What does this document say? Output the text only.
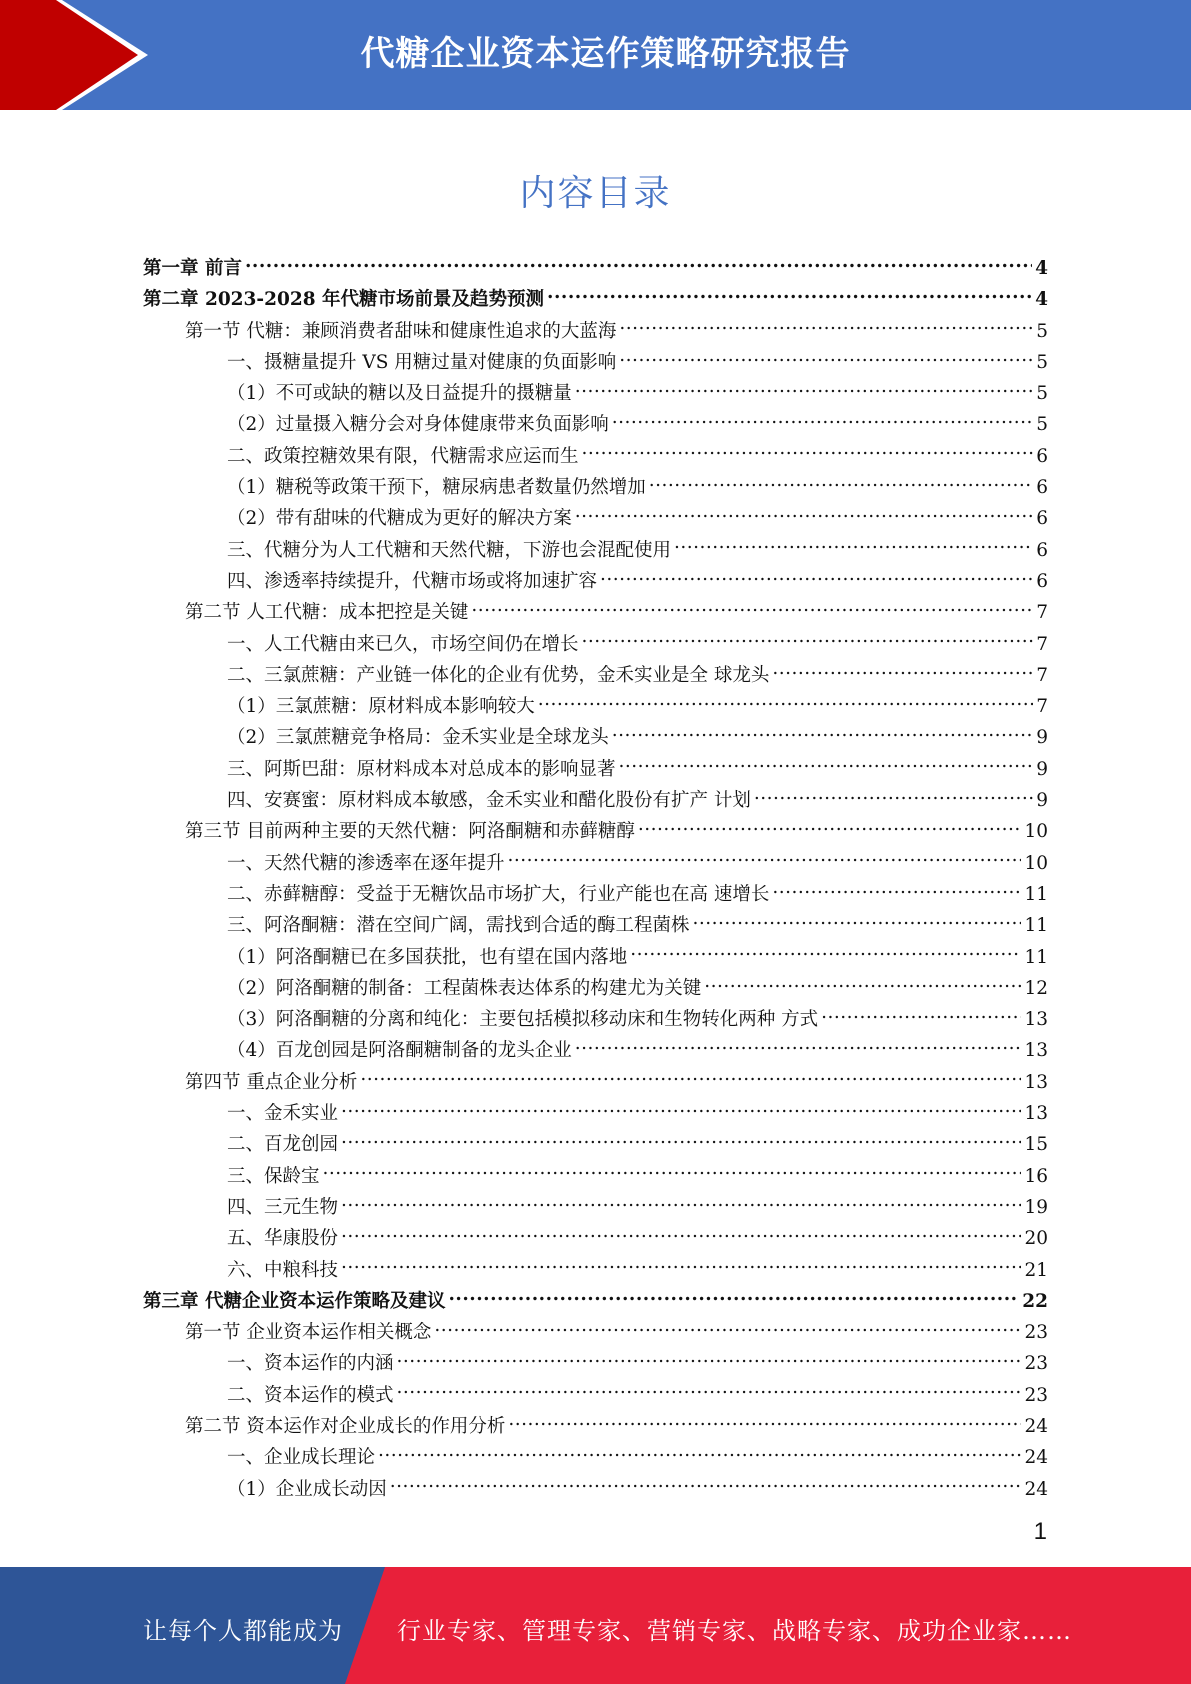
代糖企业资本运作策略研究报告
内容目录
第一章 前言 .....	4
第二章 2023-2028 年代糖市场前景及趋势预测 .....	4
第一节 代糖：兼顾消费者甜味和健康性追求的大蓝海 .....	5
一、摄糖量提升 VS 用糖过量对健康的负面影响 .....	5
（1）不可或缺的糖以及日益提升的摄糖量 .....	5
（2）过量摄入糖分会对身体健康带来负面影响 .....	5
二、政策控糖效果有限，代糖需求应运而生 .....	6
（1）糖税等政策干预下，糖尿病患者数量仍然增加 .....	6
（2）带有甜味的代糖成为更好的解决方案 .....	6
三、代糖分为人工代糖和天然代糖，下游也会混配使用 .....	6
四、渗透率持续提升，代糖市场或将加速扩容 .....	6
第二节 人工代糖：成本把控是关键 .....	7
一、人工代糖由来已久，市场空间仍在增长 .....	7
二、三氯蔗糖：产业链一体化的企业有优势，金禾实业是全 球龙头 .....	7
（1）三氯蔗糖：原材料成本影响较大 .....	7
（2）三氯蔗糖竞争格局：金禾实业是全球龙头 .....	9
三、阿斯巴甜：原材料成本对总成本的影响显著 .....	9
四、安赛蜜：原材料成本敏感，金禾实业和醋化股份有扩产 计划 .....	9
第三节 目前两种主要的天然代糖：阿洛酮糖和赤藓糖醇 .....	10
一、天然代糖的渗透率在逐年提升 .....	10
二、赤藓糖醇：受益于无糖饮品市场扩大，行业产能也在高 速增长 .....	11
三、阿洛酮糖：潜在空间广阔，需找到合适的酶工程菌株 .....	11
（1）阿洛酮糖已在多国获批，也有望在国内落地 .....	11
（2）阿洛酮糖的制备：工程菌株表达体系的构建尤为关键 .....	12
（3）阿洛酮糖的分离和纯化：主要包括模拟移动床和生物转化两种 方式 .....	13
（4）百龙创园是阿洛酮糖制备的龙头企业 .....	13
第四节 重点企业分析 .....	13
一、金禾实业 .....	13
二、百龙创园 .....	15
三、保龄宝 .....	16
四、三元生物 .....	19
五、华康股份 .....	20
六、中粮科技 .....	21
第三章 代糖企业资本运作策略及建议 .....	22
第一节 企业资本运作相关概念 .....	23
一、资本运作的内涵 .....	23
二、资本运作的模式 .....	23
第二节 资本运作对企业成长的作用分析 .....	24
一、企业成长理论 .....	24
（1）企业成长动因 .....	24
1
让每个人都能成为 行业专家、管理专家、营销专家、战略专家、成功企业家……
